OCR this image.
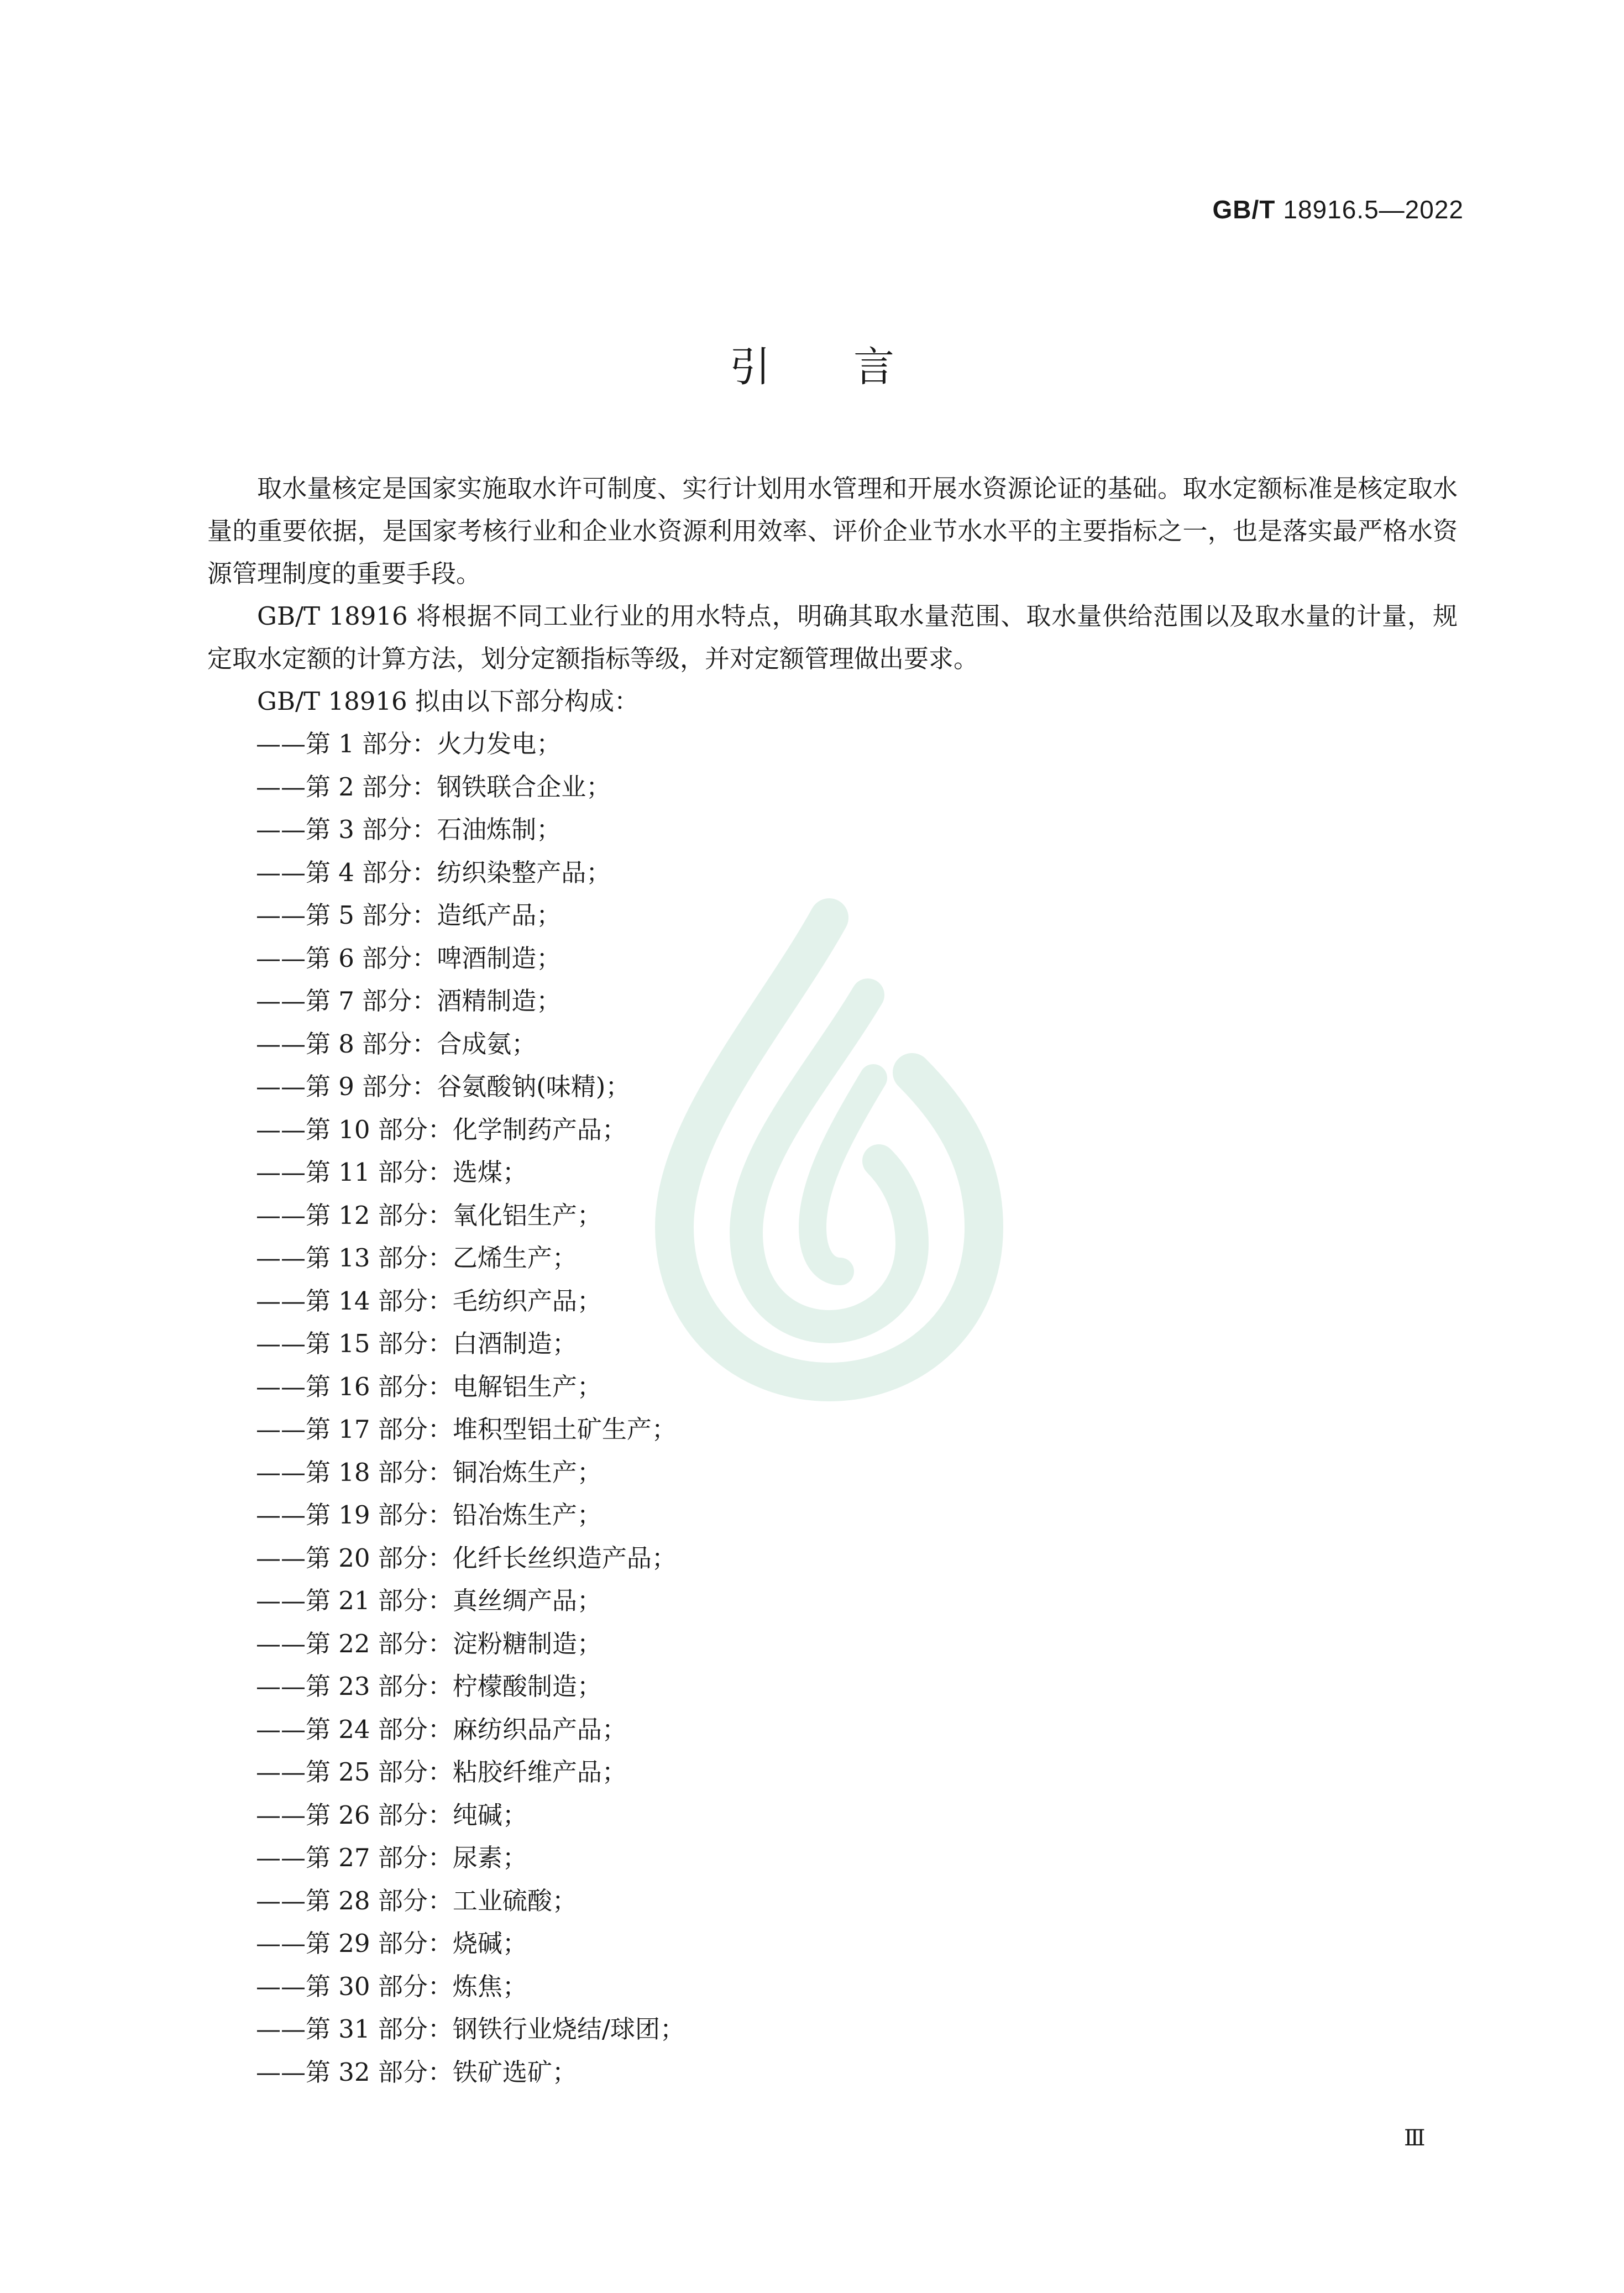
GB/T 18916.5—2022
引言

取水量核定是国家实施取水许可制度、实行计划用水管理和开展水资源论证的基础。取水定额标准是核定取水量的重要依据，是国家考核行业和企业水资源利用效率、评价企业节水水平的主要指标之一，也是落实最严格水资源管理制度的重要手段。

GB/T 18916 将根据不同工业行业的用水特点，明确其取水量范围、取水量供给范围以及取水量的计量，规定取水定额的计算方法，划分定额指标等级，并对定额管理做出要求。

GB/T 18916 拟由以下部分构成：

——第 1 部分：火力发电；
——第 2 部分：钢铁联合企业；
——第 3 部分：石油炼制；
——第 4 部分：纺织染整产品；
——第 5 部分：造纸产品；
——第 6 部分：啤酒制造；
——第 7 部分：酒精制造；
——第 8 部分：合成氨；
——第 9 部分：谷氨酸钠(味精)；
——第 10 部分：化学制药产品；
——第 11 部分：选煤；
——第 12 部分：氧化铝生产；
——第 13 部分：乙烯生产；
——第 14 部分：毛纺织产品；
——第 15 部分：白酒制造；
——第 16 部分：电解铝生产；
——第 17 部分：堆积型铝土矿生产；
——第 18 部分：铜冶炼生产；
——第 19 部分：铅冶炼生产；
——第 20 部分：化纤长丝织造产品；
——第 21 部分：真丝绸产品；
——第 22 部分：淀粉糖制造；
——第 23 部分：柠檬酸制造；
——第 24 部分：麻纺织品产品；
——第 25 部分：粘胶纤维产品；
——第 26 部分：纯碱；
——第 27 部分：尿素；
——第 28 部分：工业硫酸；
——第 29 部分：烧碱；
——第 30 部分：炼焦；
——第 31 部分：钢铁行业烧结/球团；
——第 32 部分：铁矿选矿；
Ⅲ
